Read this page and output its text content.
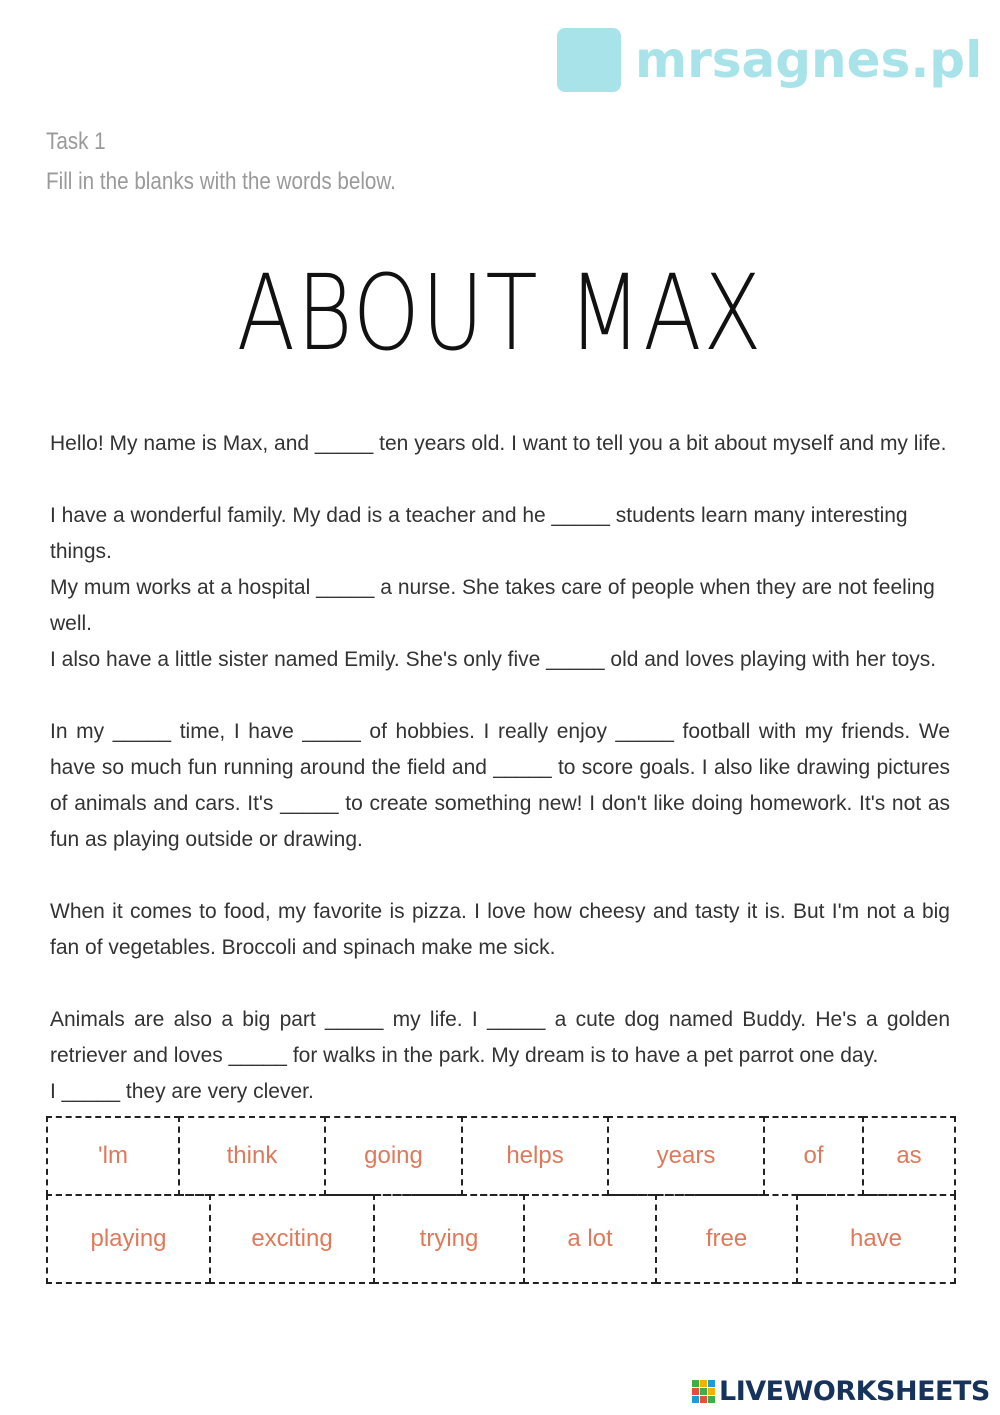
mrsagnes.pl
Task 1
Fill in the blanks with the words below.
ABOUT MAX

Hello! My name is Max, and _____ ten years old. I want to tell you a bit about myself and my life.

I have a wonderful family. My dad is a teacher and he _____ students learn many interesting things.
My mum works at a hospital _____ a nurse. She takes care of people when they are not feeling well.
I also have a little sister named Emily. She's only five _____ old and loves playing with her toys.

In my _____ time, I have _____ of hobbies. I really enjoy _____ football with my friends. We have so much fun running around the field and _____ to score goals. I also like drawing pictures of animals and cars. It's _____ to create something new! I don't like doing homework. It's not as fun as playing outside or drawing.

When it comes to food, my favorite is pizza. I love how cheesy and tasty it is. But I'm not a big fan of vegetables. Broccoli and spinach make me sick.

Animals are also a big part _____ my life. I _____ a cute dog named Buddy. He's a golden retriever and loves _____ for walks in the park. My dream is to have a pet parrot one day.
I _____ they are very clever.

'lm	think	going	helps	years	of	as
playing	exciting	trying	a lot	free	have
LIVEWORKSHEETS
